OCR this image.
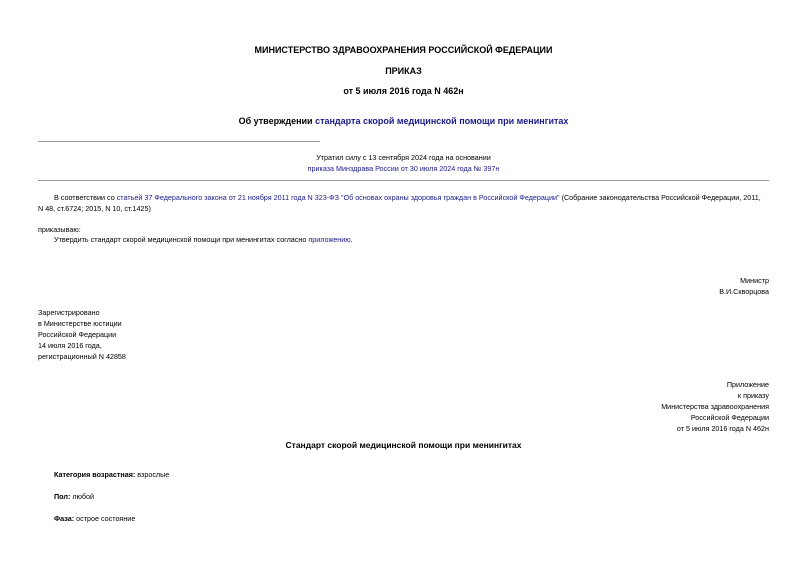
МИНИСТЕРСТВО ЗДРАВООХРАНЕНИЯ РОССИЙСКОЙ ФЕДЕРАЦИИ
ПРИКАЗ
от 5 июля 2016 года N 462н
Об утверждении стандарта скорой медицинской помощи при менингитах
Утратил силу с 13 сентября 2024 года на основании
приказа Минздрава России от 30 июля 2024 года № 397н
В соответствии со статьей 37 Федерального закона от 21 ноября 2011 года N 323-ФЗ "Об основах охраны здоровья граждан в Российской Федерации" (Собрание законодательства Российской Федерации, 2011,
N 48, ст.6724; 2015, N 10, ст.1425)
приказываю:
Утвердить стандарт скорой медицинской помощи при менингитах согласно приложению.
Министр
В.И.Скворцова
Зарегистрировано
в Министерстве юстиции
Российской Федерации
14 июля 2016 года,
регистрационный N 42858
Приложение
к приказу
Министерства здравоохранения
Российской Федерации
от 5 июля 2016 года N 462н
Стандарт скорой медицинской помощи при менингитах
Категория возрастная: взрослые
Пол: любой
Фаза: острое состояние
